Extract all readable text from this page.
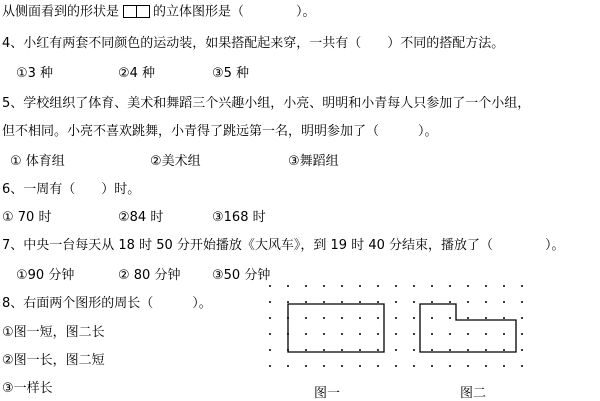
从侧面看到的形状是	的立体图形是（　　　　）。
4、小红有两套不同颜色的运动装，如果搭配起来穿，一共有（　　）不同的搭配方法。
①3 种	②4 种	③5 种
5、学校组织了体育、美术和舞蹈三个兴趣小组，小亮、明明和小青每人只参加了一个小组，
但不相同。小亮不喜欢跳舞，小青得了跳远第一名，明明参加了（　　　）。
① 体育组	②美术组	③舞蹈组
6、一周有（　　）时。
① 70 时	②84 时	③168 时
7、中央一台每天从 18 时 50 分开始播放《大风车》，到 19 时 40 分结束，播放了（　　　　）。
①90 分钟	② 80 分钟 ③50 分钟
8、右面两个图形的周长（　　　）。
①图一短，图二长
②图一长，图二短
③一样长	图一	图二
